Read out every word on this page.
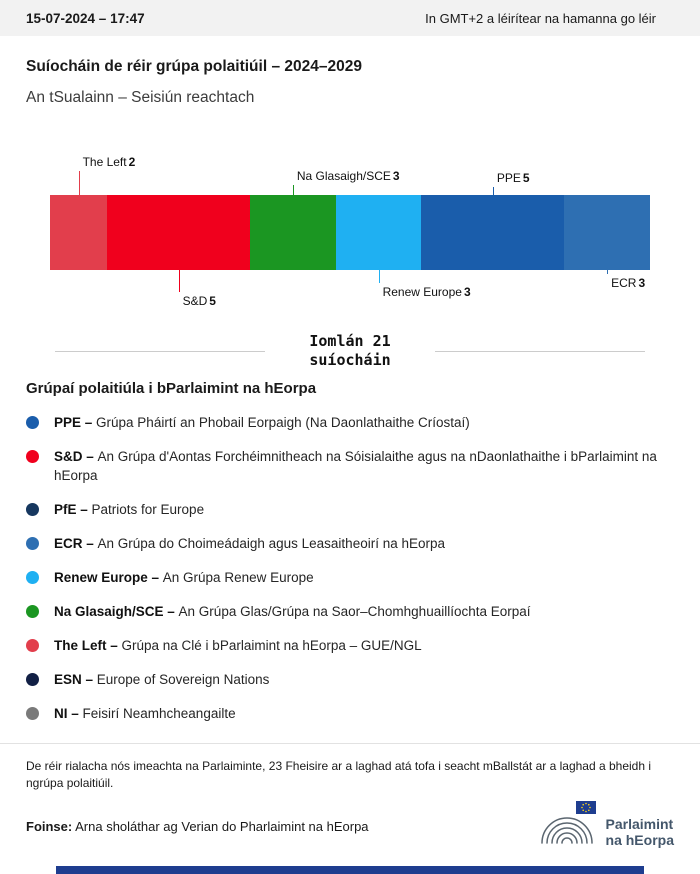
15-07-2024 – 17:47	In GMT+2 a léirítear na hamanna go léir
Suíocháin de réir grúpa polaitiúil – 2024–2029
An tSualainn – Seisiún reachtach
The Left 2
Na Glasaigh/SCE 3	PPE 5
S&D 5
Renew Europe 3
ECR 3
Iomlán 21
suíocháin
Grúpaí polaitiúla i bParlaimint na hEorpa
PPE – Grúpa Pháirtí an Phobail Eorpaigh (Na Daonlathaithe Críostaí)
S&D – An Grúpa d'Aontas Forchéimnitheach na Sóisialaithe agus na nDaonlathaithe i bParlaimint na hEorpa
PfE – Patriots for Europe
ECR – An Grúpa do Choimeádaigh agus Leasaitheoirí na hEorpa
Renew Europe – An Grúpa Renew Europe
Na Glasaigh/SCE – An Grúpa Glas/Grúpa na Saor–Chomhghuaillíochta Eorpaí
The Left – Grúpa na Clé i bParlaimint na hEorpa – GUE/NGL
ESN – Europe of Sovereign Nations
NI – Feisirí Neamhcheangailte

De réir rialacha nós imeachta na Parlaiminte, 23 Fheisire ar a laghad atá tofa i seacht mBallstát ar a laghad a bheidh i ngrúpa polaitiúil.

Foinse: Arna sholáthar ag Verian do Pharlaimint na hEorpa	Parlaimint
na hEorpa
